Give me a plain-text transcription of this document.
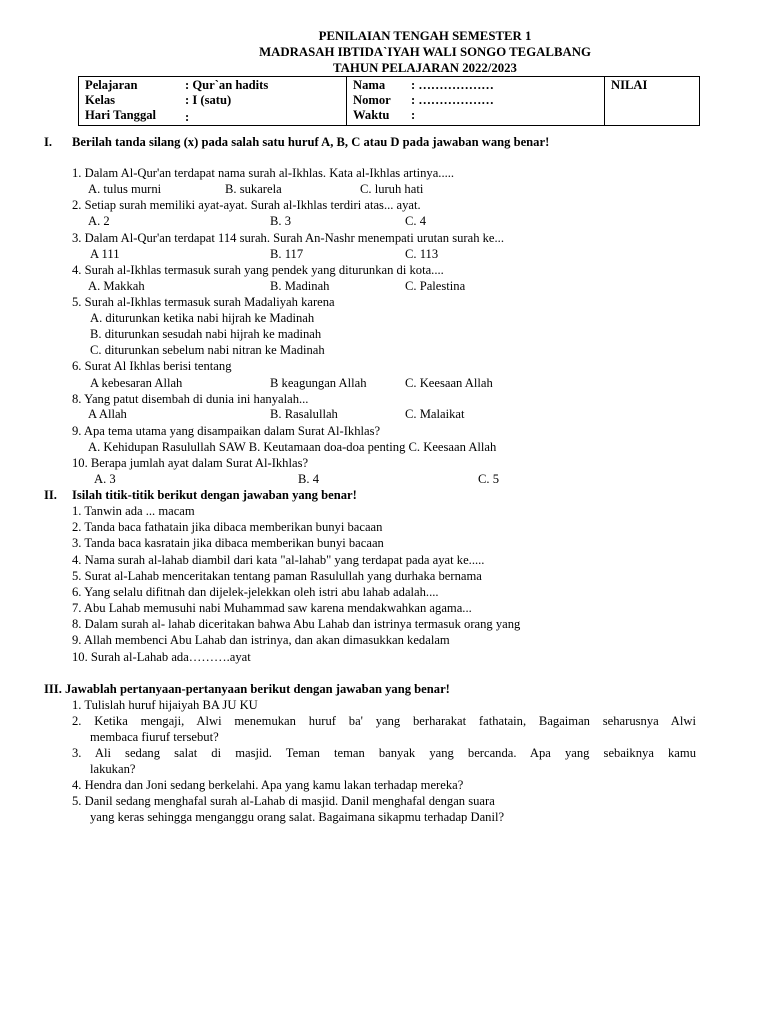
PENILAIAN TENGAH SEMESTER 1
MADRASAH IBTIDA`IYAH WALI SONGO TEGALBANG
TAHUN PELAJARAN 2022/2023
Pelajaran	: Qur`an hadits
Kelas	: I (satu)
Hari Tanggal :

Nama : ………………
Nomor : ………………
Waktu :
	NILAI
I. Berilah tanda silang (x) pada salah satu huruf A, B, C atau D pada jawaban wang benar!
1. Dalam Al-Qur'an terdapat nama surah al-Ikhlas. Kata al-Ikhlas artinya.....
A. tulus murni	B. sukarela	C. luruh hati
2. Setiap surah memiliki ayat-ayat. Surah al-Ikhlas terdiri atas... ayat.
A. 2	B. 3	C. 4
3. Dalam Al-Qur'an terdapat 114 surah. Surah An-Nashr menempati urutan surah ke...
A 111	B. 117	C. 113
4. Surah al-Ikhlas termasuk surah yang pendek yang diturunkan di kota....
A. Makkah	B. Madinah	C. Palestina
5. Surah al-Ikhlas termasuk surah Madaliyah karena
A. diturunkan ketika nabi hijrah ke Madinah
B. diturunkan sesudah nabi hijrah ke madinah
C. diturunkan sebelum nabi nitran ke Madinah
6. Surat Al Ikhlas berisi tentang
A kebesaran Allah	B keagungan Allah	C. Keesaan Allah
8. Yang patut disembah di dunia ini hanyalah...
A Allah	B. Rasalullah	C. Malaikat
9. Apa tema utama yang disampaikan dalam Surat Al-Ikhlas?
A. Kehidupan Rasulullah SAW B. Keutamaan doa-doa penting C. Keesaan Allah
10. Berapa jumlah ayat dalam Surat Al-Ikhlas?
A. 3	B. 4	C. 5
II. Isilah titik-titik berikut dengan jawaban yang benar!
1. Tanwin ada ... macam
2. Tanda baca fathatain jika dibaca memberikan bunyi bacaan
3. Tanda baca kasratain jika dibaca memberikan bunyi bacaan
4. Nama surah al-lahab diambil dari kata "al-lahab" yang terdapat pada ayat ke.....
5. Surat al-Lahab menceritakan tentang paman Rasulullah yang durhaka bernama
6. Yang selalu difitnah dan dijelek-jelekkan oleh istri abu lahab adalah....
7. Abu Lahab memusuhi nabi Muhammad saw karena mendakwahkan agama...
8. Dalam surah al- lahab diceritakan bahwa Abu Lahab dan istrinya termasuk orang yang
9. Allah membenci Abu Lahab dan istrinya, dan akan dimasukkan kedalam
10. Surah al-Lahab ada……….ayat
III. Jawablah pertanyaan-pertanyaan berikut dengan jawaban yang benar!
1. Tulislah huruf hijaiyah BA JU KU
2. Ketika mengaji, Alwi menemukan huruf ba' yang berharakat fathatain, Bagaiman seharusnya Alwi
membaca fiuruf tersebut?
3. Ali sedang salat di masjid. Teman teman banyak yang bercanda. Apa yang sebaiknya kamu
lakukan?
4. Hendra dan Joni sedang berkelahi. Apa yang kamu lakan terhadap mereka?
5. Danil sedang menghafal surah al-Lahab di masjid. Danil menghafal dengan suara
yang keras sehingga menganggu orang salat. Bagaimana sikapmu terhadap Danil?
